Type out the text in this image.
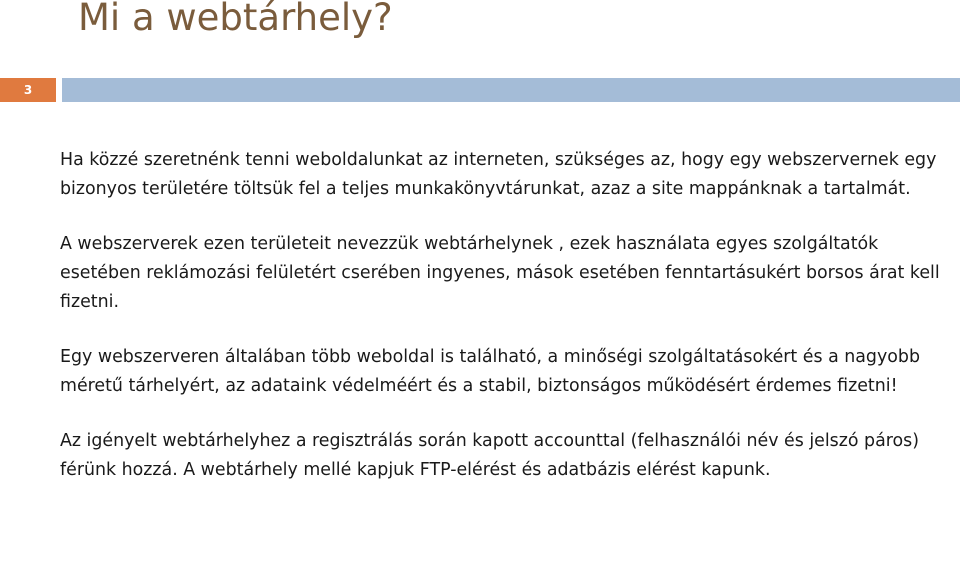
Mi a webtárhely?
3

Ha közzé szeretnénk tenni weboldalunkat az interneten, szükséges az, hogy egy webszervernek egy bizonyos területére töltsük fel a teljes munkakönyvtárunkat, azaz a site mappánknak a tartalmát.

A webszerverek ezen területeit nevezzük webtárhelynek , ezek használata egyes szolgáltatók esetében reklámozási felületért cserében ingyenes, mások esetében fenntartásukért borsos árat kell fizetni.

Egy webszerveren általában több weboldal is található, a minőségi szolgáltatásokért és a nagyobb méretű tárhelyért, az adataink védelméért és a stabil, biztonságos működésért érdemes fizetni!

Az igényelt webtárhelyhez a regisztrálás során kapott accounttal (felhasználói név és jelszó páros) férünk hozzá. A webtárhely mellé kapjuk FTP-elérést és adatbázis elérést kapunk.
